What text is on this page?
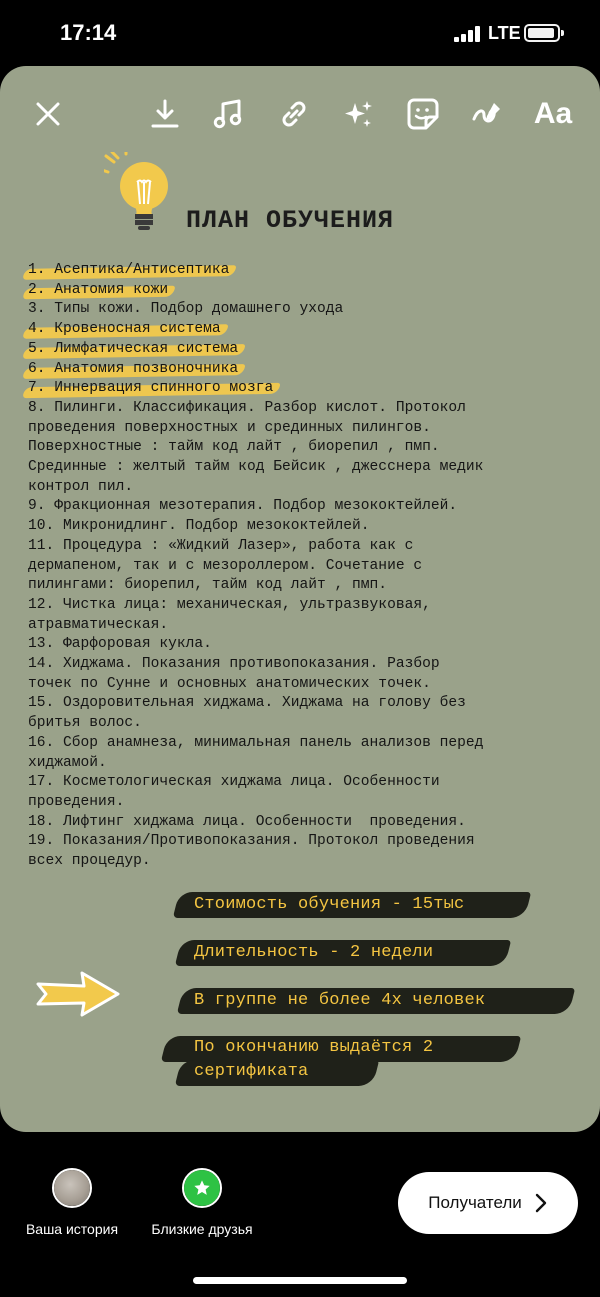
17:14	LTE
Aa
ПЛАН ОБУЧЕНИЯ
1. Асептика/Антисептика
2. Анатомия кожи
3. Типы кожи. Подбор домашнего ухода
4. Кровеносная система
5. Лимфатическая система
6. Анатомия позвоночника
7. Иннервация спинного мозга
8. Пилинги. Классификация. Разбор кислот. Протокол
проведения поверхностных и срединных пилингов.
Поверхностные : тайм код лайт , биорепил , пмп.
Срединные : желтый тайм код Бейсик , джесснера медик
контрол пил.
9. Фракционная мезотерапия. Подбор мезококтейлей.
10. Микронидлинг. Подбор мезококтейлей.
11. Процедура : «Жидкий Лазер», работа как с
дермапеном, так и с мезороллером. Сочетание с
пилингами: биорепил, тайм код лайт , пмп.
12. Чистка лица: механическая, ультразвуковая,
атравматическая.
13. Фарфоровая кукла.
14. Хиджама. Показания противопоказания. Разбор
точек по Сунне и основных анатомических точек.
15. Оздоровительная хиджама. Хиджама на голову без
бритья волос.
16. Сбор анамнеза, минимальная панель анализов перед
хиджамой.
17. Косметологическая хиджама лица. Особенности
проведения.
18. Лифтинг хиджама лица. Особенности  проведения.
19. Показания/Противопоказания. Протокол проведения
всех процедур.
Стоимость обучения - 15тыс
Длительность - 2 недели
В группе не более 4х человек
По окончанию выдаётся 2
сертификата
Ваша история Близкие друзья
Получатели
